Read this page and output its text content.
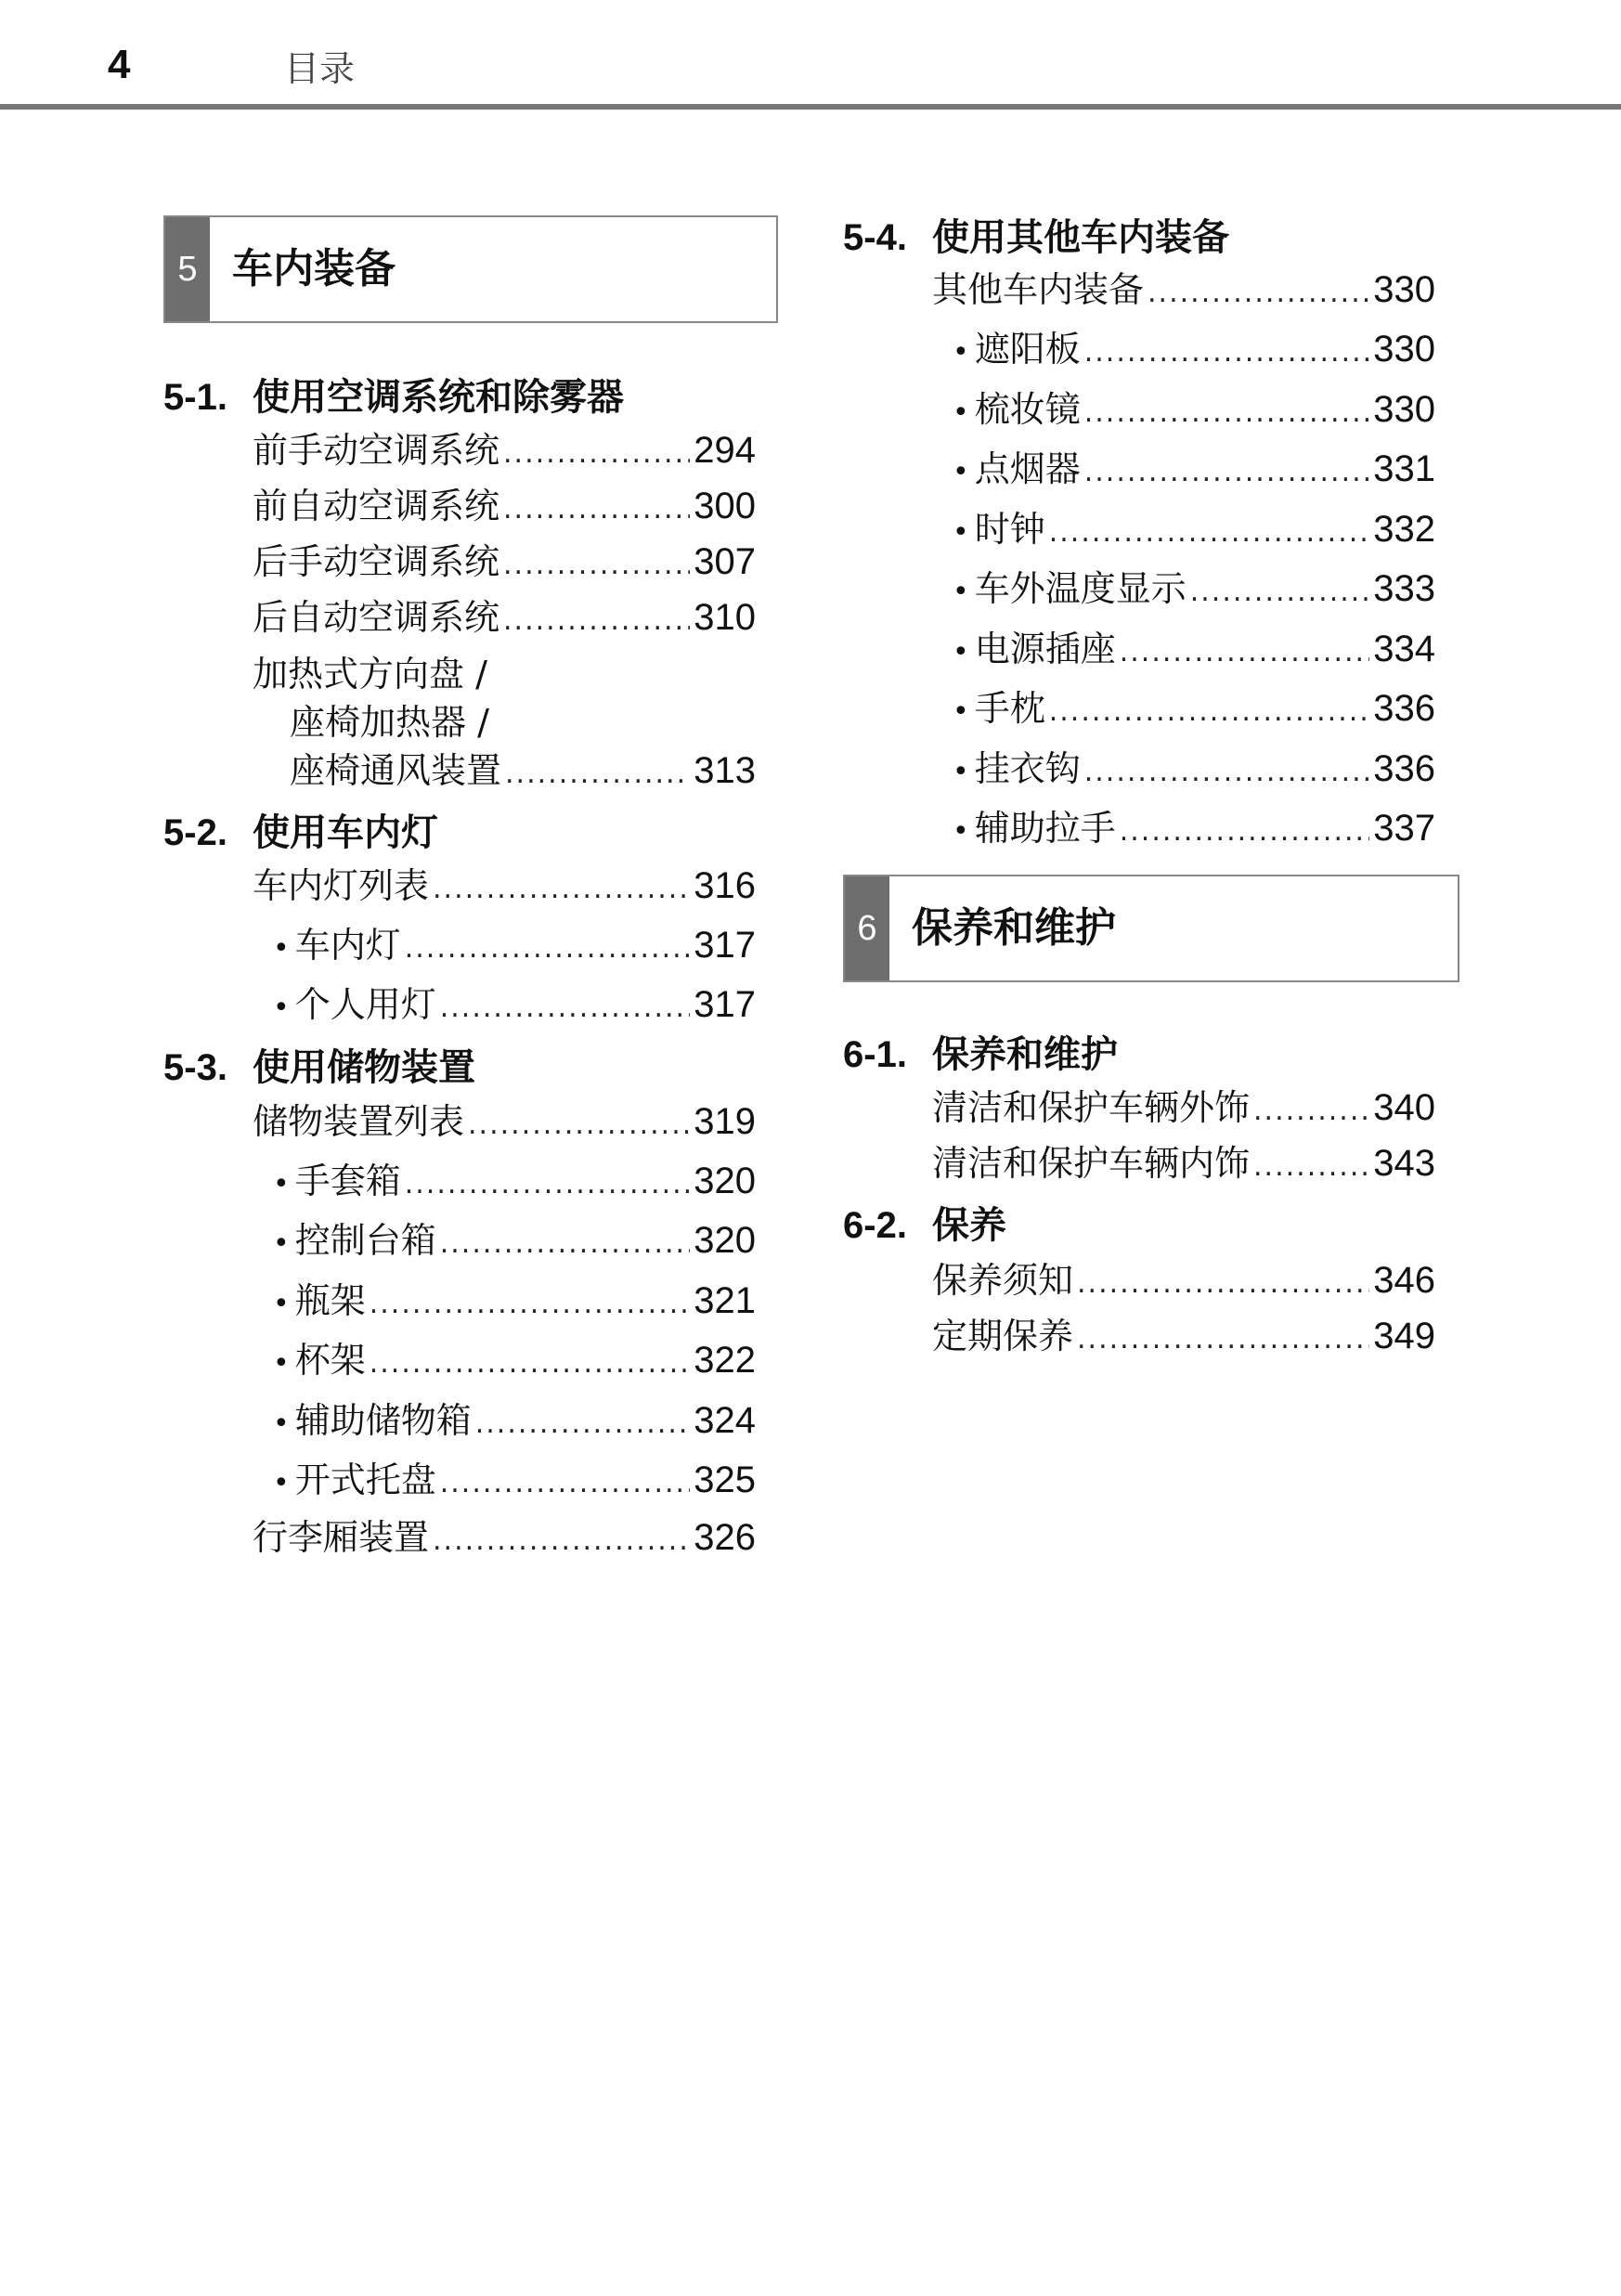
4	目录
5 车内装备
5-1. 使用空调系统和除雾器
前手动空调系统 .....	294
前自动空调系统 .....	300
后手动空调系统 .....	307
后自动空调系统 .....	310
加热式方向盘 /
座椅加热器 /
座椅通风装置 .....	313
5-2. 使用车内灯
车内灯列表 .....	316
• 车内灯 .....	317
• 个人用灯 .....	317
5-3. 使用储物装置
储物装置列表 .....	319
• 手套箱 .....	320
• 控制台箱 .....	320
• 瓶架 .....	321
• 杯架 .....	322
• 辅助储物箱 .....	324
• 开式托盘 .....	325
行李厢装置 .....	326
5-4. 使用其他车内装备
其他车内装备 .....	330
• 遮阳板 .....	330
• 梳妆镜 .....	330
• 点烟器 .....	331
• 时钟 .....	332
• 车外温度显示 .....	333
• 电源插座 .....	334
• 手枕 .....	336
• 挂衣钩 .....	336
• 辅助拉手 .....	337
6 保养和维护
6-1. 保养和维护
清洁和保护车辆外饰 .....	340
清洁和保护车辆内饰 .....	343
6-2. 保养
保养须知 .....	346
定期保养 .....	349
